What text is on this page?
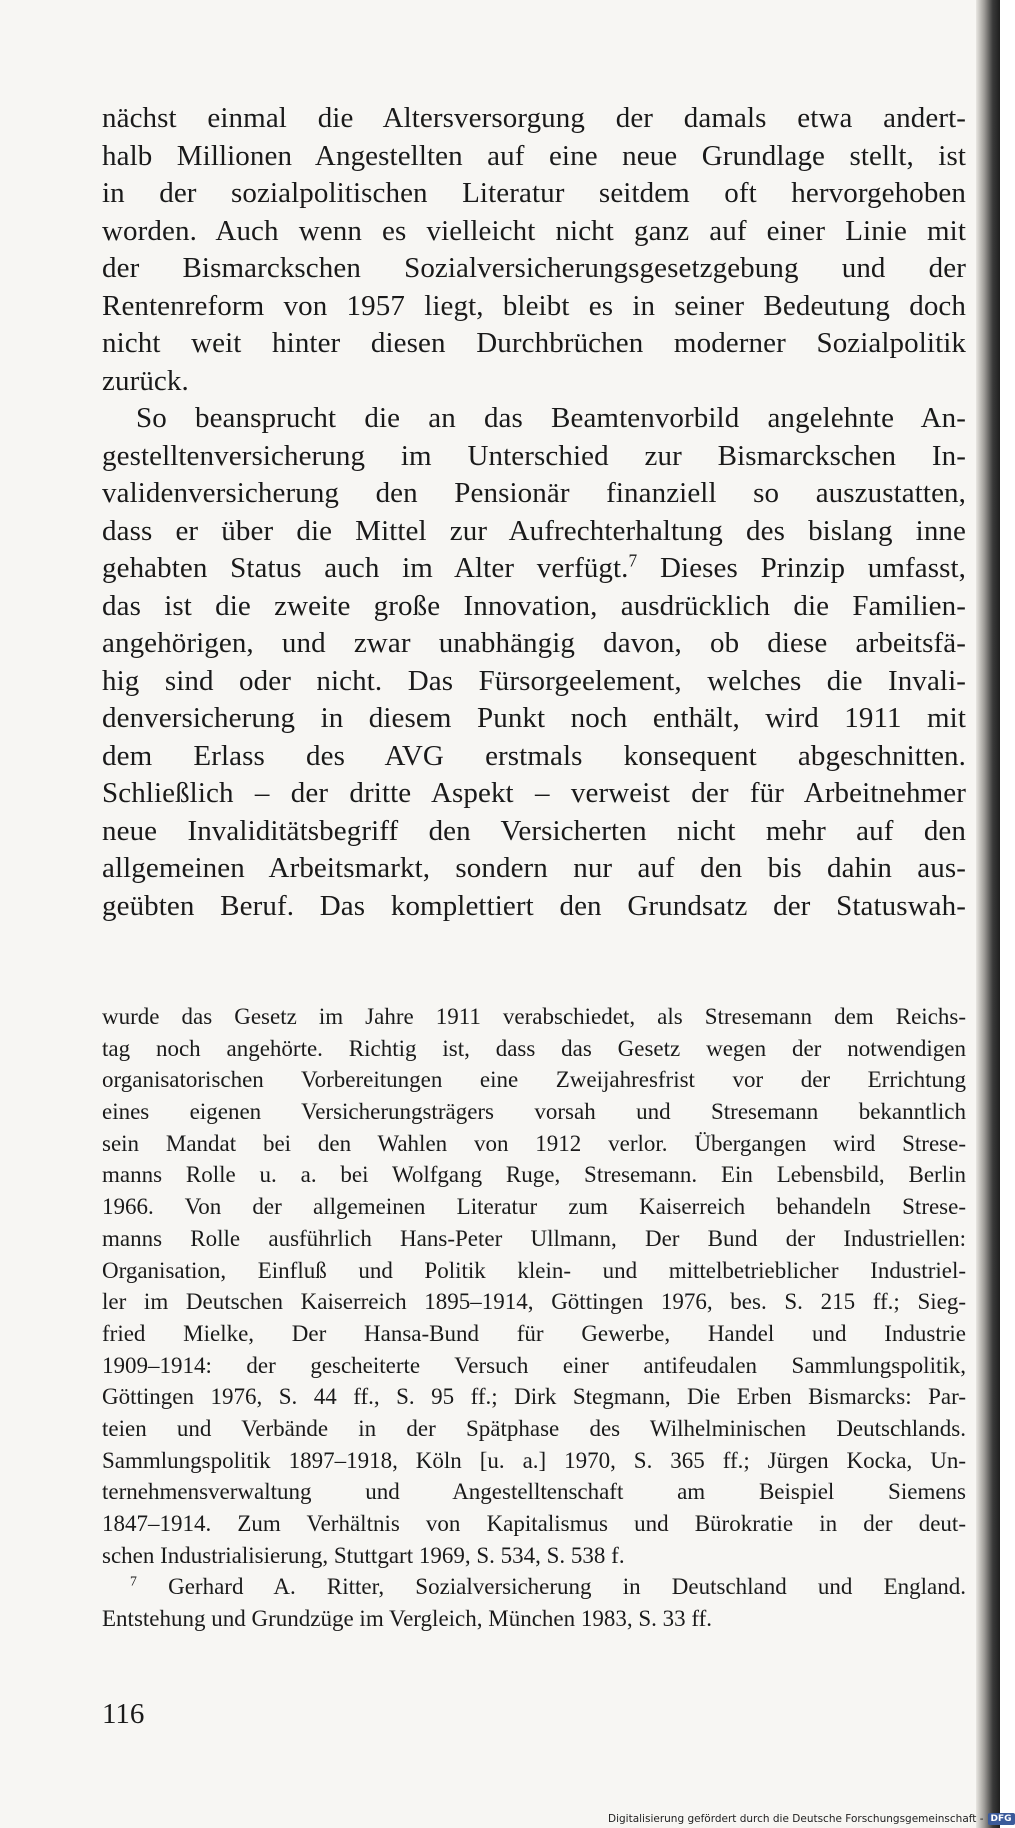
nächst einmal die Altersversorgung der damals etwa andert-
halb Millionen Angestellten auf eine neue Grundlage stellt, ist
in der sozialpolitischen Literatur seitdem oft hervorgehoben
worden. Auch wenn es vielleicht nicht ganz auf einer Linie mit
der Bismarckschen Sozialversicherungsgesetzgebung und der
Rentenreform von 1957 liegt, bleibt es in seiner Bedeutung doch
nicht weit hinter diesen Durchbrüchen moderner Sozialpolitik
zurück.
So beansprucht die an das Beamtenvorbild angelehnte An-
gestelltenversicherung im Unterschied zur Bismarckschen In-
validenversicherung den Pensionär finanziell so auszustatten,
dass er über die Mittel zur Aufrechterhaltung des bislang inne
gehabten Status auch im Alter verfügt.$^7$ Dieses Prinzip umfasst,
das ist die zweite große Innovation, ausdrücklich die Familien-
angehörigen, und zwar unabhängig davon, ob diese arbeitsfä-
hig sind oder nicht. Das Fürsorgeelement, welches die Invali-
denversicherung in diesem Punkt noch enthält, wird 1911 mit
dem Erlass des AVG erstmals konsequent abgeschnitten.
Schließlich – der dritte Aspekt – verweist der für Arbeitnehmer
neue Invaliditätsbegriff den Versicherten nicht mehr auf den
allgemeinen Arbeitsmarkt, sondern nur auf den bis dahin aus-
geübten Beruf. Das komplettiert den Grundsatz der Statuswah-
wurde das Gesetz im Jahre 1911 verabschiedet, als Stresemann dem Reichs-
tag noch angehörte. Richtig ist, dass das Gesetz wegen der notwendigen
organisatorischen Vorbereitungen eine Zweijahresfrist vor der Errichtung
eines eigenen Versicherungsträgers vorsah und Stresemann bekanntlich
sein Mandat bei den Wahlen von 1912 verlor. Übergangen wird Strese-
manns Rolle u. a. bei Wolfgang Ruge, Stresemann. Ein Lebensbild, Berlin
1966. Von der allgemeinen Literatur zum Kaiserreich behandeln Strese-
manns Rolle ausführlich Hans-Peter Ullmann, Der Bund der Industriellen:
Organisation, Einfluß und Politik klein- und mittelbetrieblicher Industriel-
ler im Deutschen Kaiserreich 1895–1914, Göttingen 1976, bes. S. 215 ff.; Sieg-
fried Mielke, Der Hansa-Bund für Gewerbe, Handel und Industrie
1909–1914: der gescheiterte Versuch einer antifeudalen Sammlungspolitik,
Göttingen 1976, S. 44 ff., S. 95 ff.; Dirk Stegmann, Die Erben Bismarcks: Par-
teien und Verbände in der Spätphase des Wilhelminischen Deutschlands.
Sammlungspolitik 1897–1918, Köln [u. a.] 1970, S. 365 ff.; Jürgen Kocka, Un-
ternehmensverwaltung und Angestelltenschaft am Beispiel Siemens
1847–1914. Zum Verhältnis von Kapitalismus und Bürokratie in der deut-
schen Industrialisierung, Stuttgart 1969, S. 534, S. 538 f.
$^7$ Gerhard A. Ritter, Sozialversicherung in Deutschland und England.
Entstehung und Grundzüge im Vergleich, München 1983, S. 33 ff.
116
Digitalisierung gefördert durch die Deutsche Forschungsgemeinschaft - DFG
